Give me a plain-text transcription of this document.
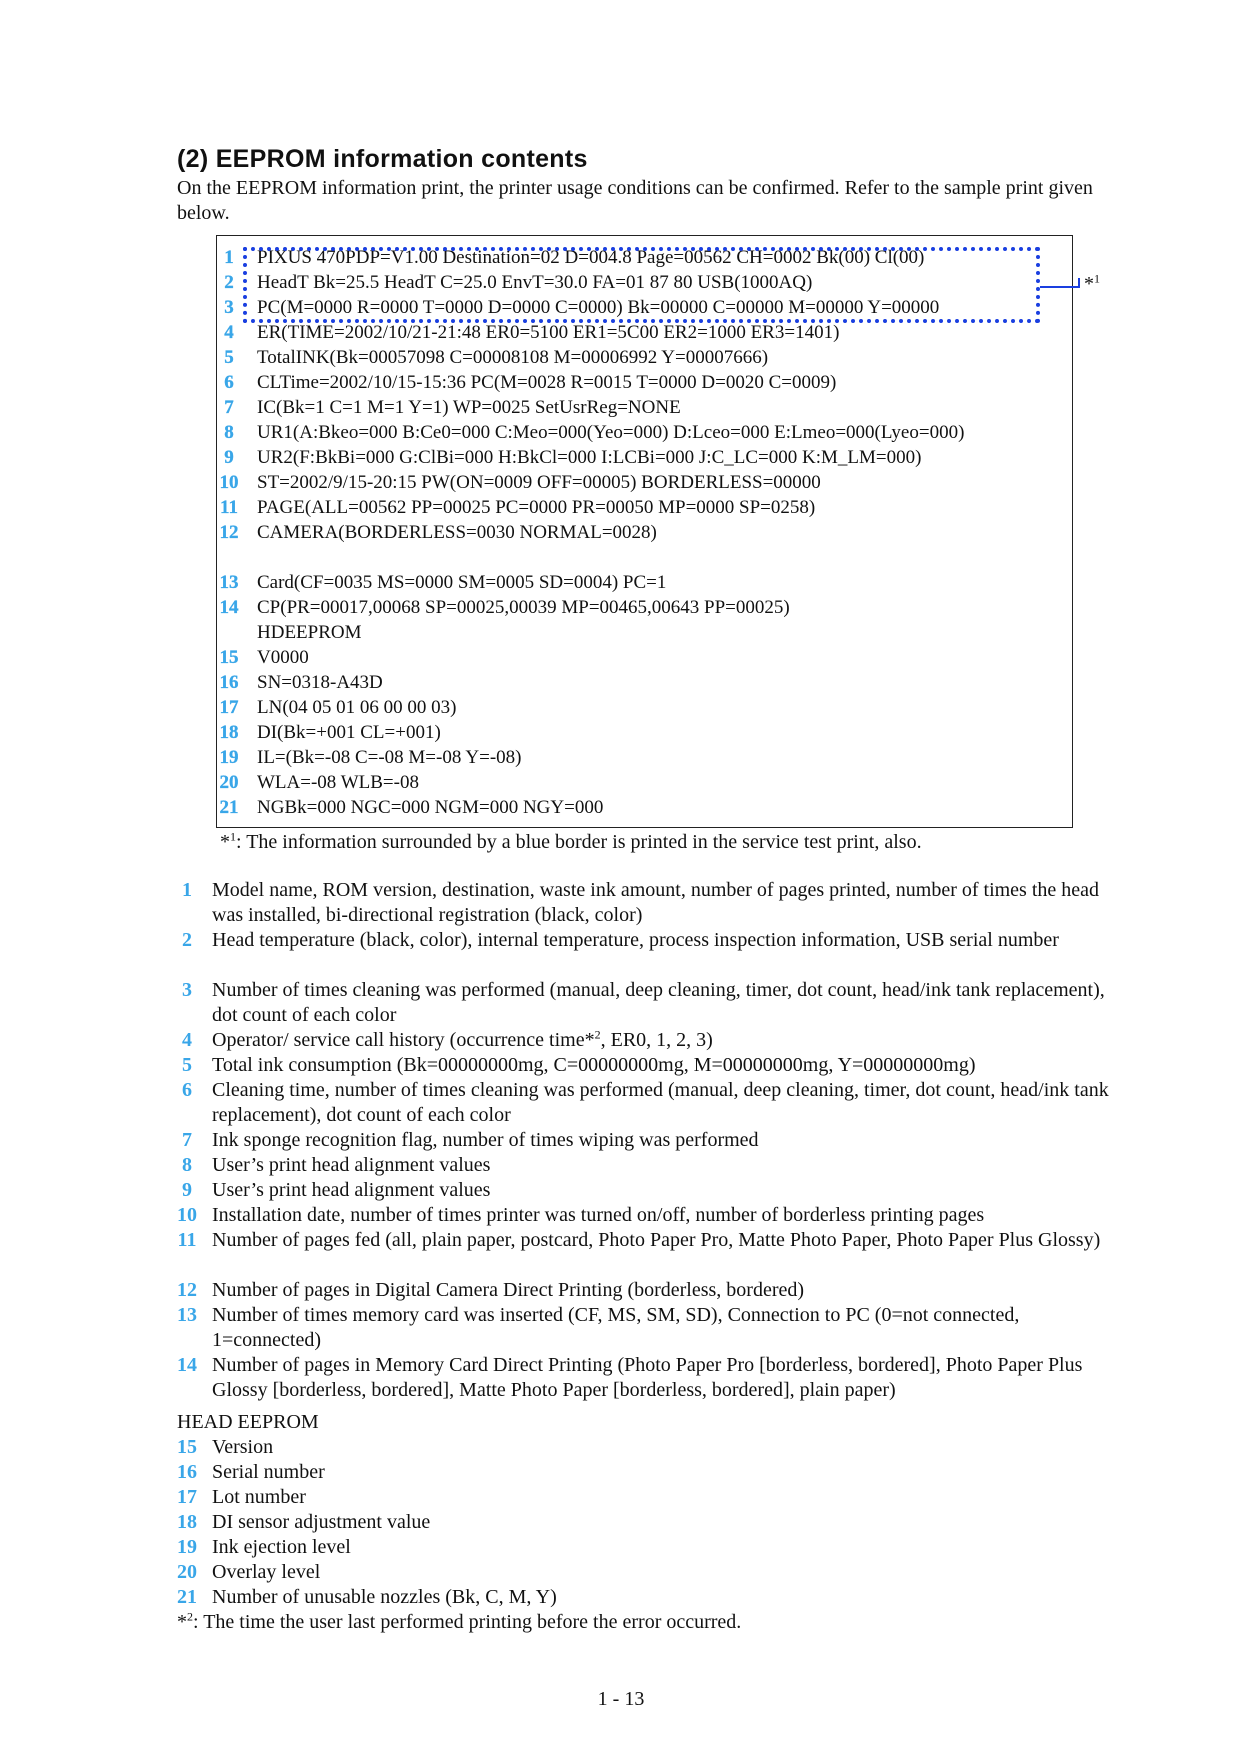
(2) EEPROM information contents
On the EEPROM information print, the printer usage conditions can be confirmed. Refer to the sample print given below.
1	PIXUS 470PDP=V1.00 Destination=02 D=004.8 Page=00562 CH=0002 Bk(00) Cl(00)
2	HeadT Bk=25.5 HeadT C=25.0 EnvT=30.0 FA=01 87 80 USB(1000AQ)
3	PC(M=0000 R=0000 T=0000 D=0000 C=0000) Bk=00000 C=00000 M=00000 Y=00000
4	ER(TIME=2002/10/21-21:48 ER0=5100 ER1=5C00 ER2=1000 ER3=1401)
5	TotalINK(Bk=00057098 C=00008108 M=00006992 Y=00007666)
6	CLTime=2002/10/15-15:36 PC(M=0028 R=0015 T=0000 D=0020 C=0009)
7	IC(Bk=1 C=1 M=1 Y=1) WP=0025 SetUsrReg=NONE
8	UR1(A:Bkeo=000 B:Ce0=000 C:Meo=000(Yeo=000) D:Lceo=000 E:Lmeo=000(Lyeo=000)
9	UR2(F:BkBi=000 G:ClBi=000 H:BkCl=000 I:LCBi=000 J:C_LC=000 K:M_LM=000)
10 ST=2002/9/15-20:15 PW(ON=0009 OFF=00005) BORDERLESS=00000
11	PAGE(ALL=00562 PP=00025 PC=0000 PR=00050 MP=0000 SP=0258)
12 CAMERA(BORDERLESS=0030 NORMAL=0028)
13 Card(CF=0035 MS=0000 SM=0005 SD=0004) PC=1
14 CP(PR=00017,00068 SP=00025,00039 MP=00465,00643 PP=00025)
HDEEPROM
15 V0000
16 SN=0318-A43D
17 LN(04 05 01 06 00 00 03)
18 DI(Bk=+001 CL=+001)
19 IL=(Bk=-08 C=-08 M=-08 Y=-08)
20 WLA=-08 WLB=-08
21 NGBk=000 NGC=000 NGM=000 NGY=000
*$^1$
*$^1$: The information surrounded by a blue border is printed in the service test print, also.
1	Model name, ROM version, destination, waste ink amount, number of pages printed, number of times the head was installed, bi-directional registration (black, color)
2	Head temperature (black, color), internal temperature, process inspection information, USB serial number
3	Number of times cleaning was performed (manual, deep cleaning, timer, dot count, head/ink tank replacement), dot count of each color
4	Operator/ service call history (occurrence time*$^2$, ER0, 1, 2, 3)
5	Total ink consumption (Bk=00000000mg, C=00000000mg, M=00000000mg, Y=00000000mg)
6	Cleaning time, number of times cleaning was performed (manual, deep cleaning, timer, dot count, head/ink tank replacement), dot count of each color
7	Ink sponge recognition flag, number of times wiping was performed
8	User’s print head alignment values
9	User’s print head alignment values
10 Installation date, number of times printer was turned on/off, number of borderless printing pages
11 Number of pages fed (all, plain paper, postcard, Photo Paper Pro, Matte Photo Paper, Photo Paper Plus Glossy)
12 Number of pages in Digital Camera Direct Printing (borderless, bordered)
13 Number of times memory card was inserted (CF, MS, SM, SD), Connection to PC (0=not connected, 1=connected)
14 Number of pages in Memory Card Direct Printing (Photo Paper Pro [borderless, bordered], Photo Paper Plus Glossy [borderless, bordered], Matte Photo Paper [borderless, bordered], plain paper)
HEAD EEPROM
15 Version
16 Serial number
17 Lot number
18 DI sensor adjustment value
19 Ink ejection level
20 Overlay level
21 Number of unusable nozzles (Bk, C, M, Y)
*$^2$: The time the user last performed printing before the error occurred.
1 - 13
